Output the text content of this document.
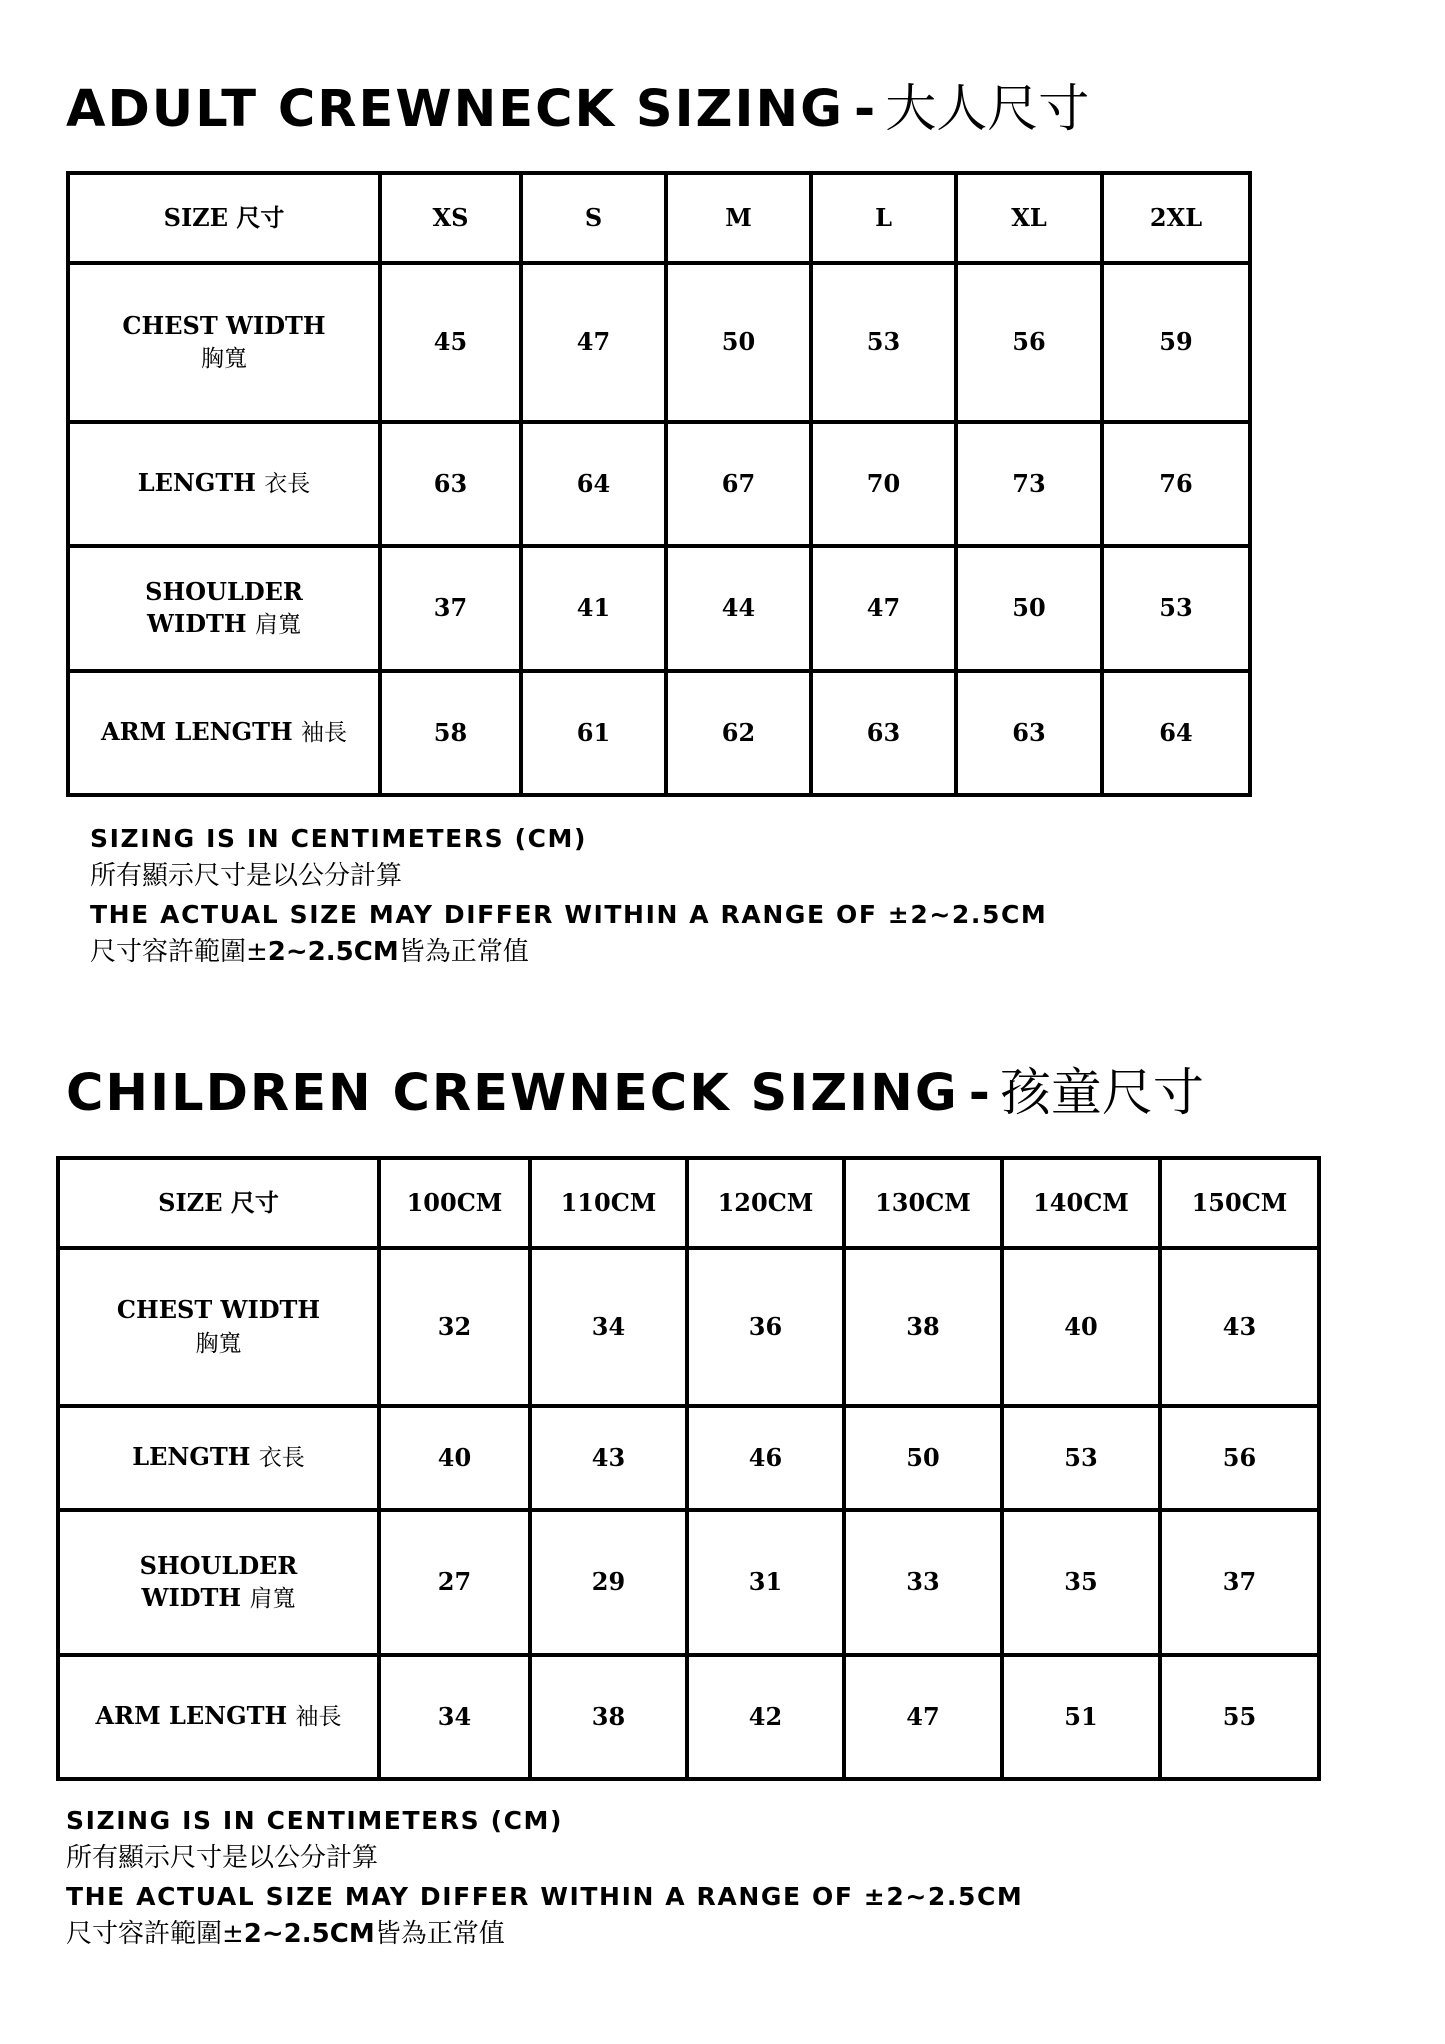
ADULT CREWNECK SIZING - 大人尺寸
SIZE 尺寸	XS	S	M	L	XL	2XL
CHEST WIDTH
胸寬	45	47	50	53	56	59
LENGTH 衣長	63	64	67	70	73	76
SHOULDER WIDTH 肩寬	37	41	44	47	50	53
ARM LENGTH 袖長	58	61	62	63	63	64
SIZING IS IN CENTIMETERS (CM)
所有顯示尺寸是以公分計算
THE ACTUAL SIZE MAY DIFFER WITHIN A RANGE OF ±2~2.5CM
尺寸容許範圍± 2~2.5CM 皆為正常值
CHILDREN CREWNECK SIZING - 孩童尺寸
SIZE 尺寸	100CM	110CM	120CM	130CM	140CM	150CM
CHEST WIDTH
胸寬	32	34	36	38	40	43
LENGTH 衣長	40	43	46	50	53	56
SHOULDER WIDTH 肩寬	27	29	31	33	35	37
ARM LENGTH 袖長	34	38	42	47	51	55
SIZING IS IN CENTIMETERS (CM)
所有顯示尺寸是以公分計算
THE ACTUAL SIZE MAY DIFFER WITHIN A RANGE OF ±2~2.5CM
尺寸容許範圍± 2~2.5CM 皆為正常值
